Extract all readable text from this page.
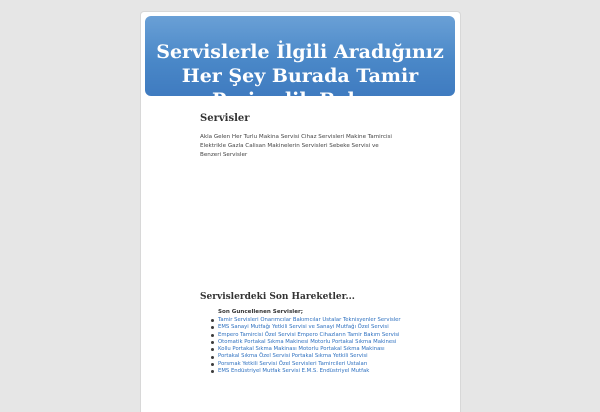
Servislerle İlgili Aradığınız Her Şey Burada Tamir Periyodik Bakım
Servisler

Akla Gelen Her Turlu Makina Servisi Cihaz Servisleri Makine Tamircisi Elektrikle Gazla Calisan Makinelerin Servisleri Sebeke Servisi ve Benzeri Servisler

Servislerdeki Son Hareketler...
Son Guncellenen Servisler;
Tamir Servisleri Onarımcılar Bakımcılar Ustalar Teknisyenler Servisler
EMS Sanayi Mutfağı Yetkili Servisi ve Sanayi Mutfağı Özel Servisi
Empero Tamircisi Özel Servisi Empero Cihazların Tamir Bakım Servisi
Otomatik Portakal Sıkma Makinesi Motorlu Portakal Sıkma Makinesi
Kollu Portakal Sıkma Makinası Motorlu Portakal Sıkma Makinası
Portakal Sıkma Özel Servisi Portakal Sıkma Yetkili Servisi
Porsmak Yetkili Servisi Özel Servisleri Tamircileri Ustaları
EMS Endüstriyel Mutfak Servisi E.M.S. Endüstriyel Mutfak
